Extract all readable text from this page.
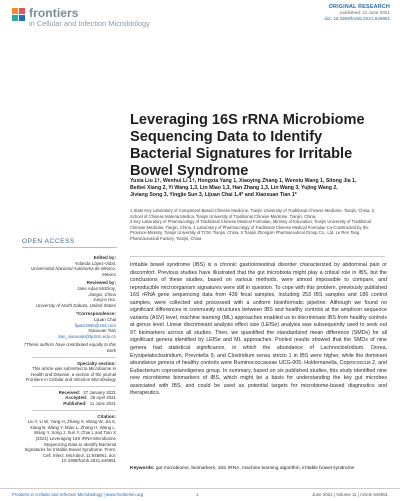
frontiers
in Cellular and Infection Microbiology
ORIGINAL RESEARCH
published: 11 June 2021
doi: 10.3389/fcimb.2021.646951
Leveraging 16S rRNA Microbiome Sequencing Data to Identify Bacterial Signatures for Irritable Bowel Syndrome
Yuxia Liu 1†, Wenhui Li 1†, Hongxia Yang 1, Xiaoying Zhang 1, Wenxiu Wang 1, Sitong Jia 1,
Beibei Xiang 2, Yi Wang 1,3, Lin Miao 1,3, Han Zhang 1,3, Lin Wang 3, Yujing Wang 2,
Jiviang Song 3, Yingjie Sun 3, Lijuan Chai 1,4* and Xiaoxuan Tian 1*
1 State Key Laboratory of Component-Based Chinese Medicine, Tianjin University of Traditional Chinese Medicine, Tianjin, China, 2 School of Chinese Materia Medica, Tianjin University of Traditional Chinese Medicine, Tianjin, China,
3 Key Laboratory of Pharmacology of Traditional Chinese Medical Formulae, Ministry of Education, Tianjin University of Traditional Chinese Medicine, Tianjin, China, 4 Laboratory of Pharmacology of Traditional Chinese Medical Formulae Co-Constructed by the Province-Ministry, Tianjin University of TCM, Tianjin, China, 5 Tianjin Zhongxin Pharmaceutical Group Co., Ltd. Le Ren Tang Pharmaceutical Factory, Tianjin, China
OPEN ACCESS
Edited by:
Yolanda López-Vidal,
Universidad Nacional Autónoma de México, Mexico
Reviewed by:
Jane Adair McElroy,
Jiangxi, China
Jung-a Hur,
University of North Dakota, United States
*Correspondence:
Lijuan Chai
lijuan1936@163.com
Xiaoxuan Tian
tian_xiaoxuan@tjutcm.edu.cn
†These authors have contributed equally to this work
Specialty section:
This article was submitted to Microbiome in Health and Disease, a section of the journal Frontiers in Cellular and Infection Microbiology
Received: 27 January 2021
Accepted: 26 April 2021
Published: 11 June 2021
Citation:
Liu Y, Li W, Yang H, Zhang X, Wang W, Jia S, Xiang B, Wang Y, Miao L, Zhang H, Wang L, Wang Y, Song J, Sun Y, Chai L and Tian X (2021) Leveraging 16S rRNA Microbiome Sequencing Data to Identify Bacterial Signatures for Irritable Bowel Syndrome. Front. Cell. Infect. Microbiol. 11:646951. doi: 10.3389/fcimb.2021.646951
Irritable bowel syndrome (IBS) is a chronic gastrointestinal disorder characterized by abdominal pain or discomfort. Previous studies have illustrated that the gut microbiota might play a critical role in IBS, but the conclusions of these studies, based on various methods, were almost impossible to compare, and reproducible microorganism signatures were still in question. To cope with this problem, previously published 16S rRNA gene sequencing data from 439 fecal samples, including 253 IBS samples and 186 control samples, were collected and processed with a uniform bioinformatic pipeline. Although we found no significant differences in community structures between IBS and healthy controls at the amplicon sequence variants (ASV) level, machine learning (ML) approaches enabled us to discriminate IBS from healthy controls at genus level. Linear discriminant analysis effect size (LEfSe) analysis was subsequently used to seek out 97 biomarkers across all studies. Then, we quantified the standardized mean difference (SMDs) for all significant genera identified by LEfSe and ML approaches. Pooled results showed that the SMDs of nine genera had statistical significance, in which the abundance of Lachnoclostridium, Dorea, Erysipelatoclostridium, Prevotella 9, and Clostridium sensu stricto 1 in IBS were higher, while the dominant abundance genera of healthy controls were Ruminococcaceae UCG-005, Holdemanella, Coprococcus 2, and Eubacterium coprostanoligenes group. In summary, based on six published studies, this study identified nine new microbiome biomarkers of IBS, which might be a basis for understanding the key gut microbes associated with IBS, and could be used as potential targets for microbiome-based diagnostics and therapeutics.
Keywords: gut microbiome, biomarkers, 16S rRNA, machine learning algorithm, irritable bowel syndrome
Frontiers in Cellular and Infection Microbiology | www.frontiersin.org	1	June 2021 | Volume 11 | Article 646951
